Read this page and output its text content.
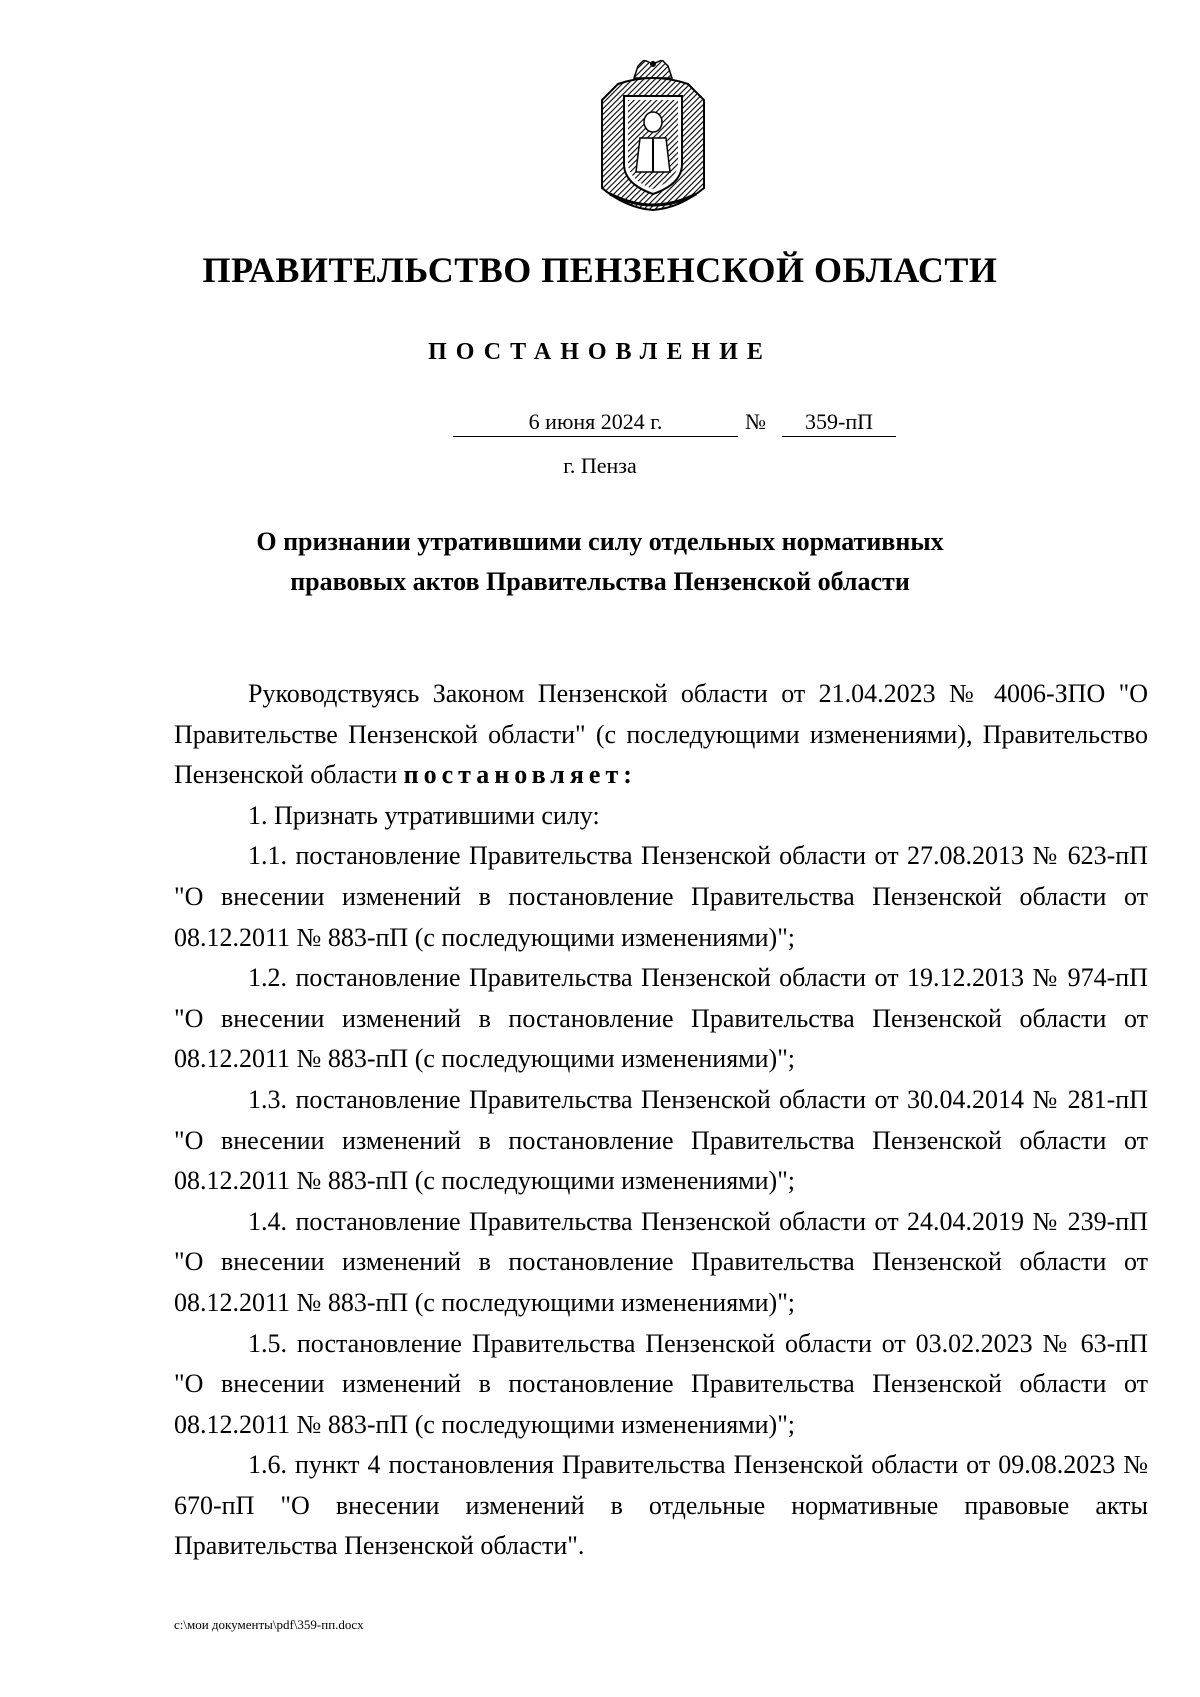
ПРАВИТЕЛЬСТВО ПЕНЗЕНСКОЙ ОБЛАСТИ
ПОСТАНОВЛЕНИЕ
6 июня 2024 г.	№	359-пП
г. Пенза
О признании утратившими силу отдельных нормативных
правовых актов Правительства Пензенской области

Руководствуясь Законом Пензенской области от 21.04.2023 № 4006-ЗПО "О Правительстве Пензенской области" (с последующими изменениями), Правительство Пензенской области постановляет:

1. Признать утратившими силу:

1.1. постановление Правительства Пензенской области от 27.08.2013 № 623-пП "О внесении изменений в постановление Правительства Пензенской области от 08.12.2011 № 883-пП (с последующими изменениями)";

1.2. постановление Правительства Пензенской области от 19.12.2013 № 974-пП "О внесении изменений в постановление Правительства Пензенской области от 08.12.2011 № 883-пП (с последующими изменениями)";

1.3. постановление Правительства Пензенской области от 30.04.2014 № 281-пП "О внесении изменений в постановление Правительства Пензенской области от 08.12.2011 № 883-пП (с последующими изменениями)";

1.4. постановление Правительства Пензенской области от 24.04.2019 № 239-пП "О внесении изменений в постановление Правительства Пензенской области от 08.12.2011 № 883-пП (с последующими изменениями)";

1.5. постановление Правительства Пензенской области от 03.02.2023 № 63-пП "О внесении изменений в постановление Правительства Пензенской области от 08.12.2011 № 883-пП (с последующими изменениями)";

1.6. пункт 4 постановления Правительства Пензенской области от 09.08.2023 № 670-пП "О внесении изменений в отдельные нормативные правовые акты Правительства Пензенской области".

c:\мои документы\pdf\359-пп.docx
